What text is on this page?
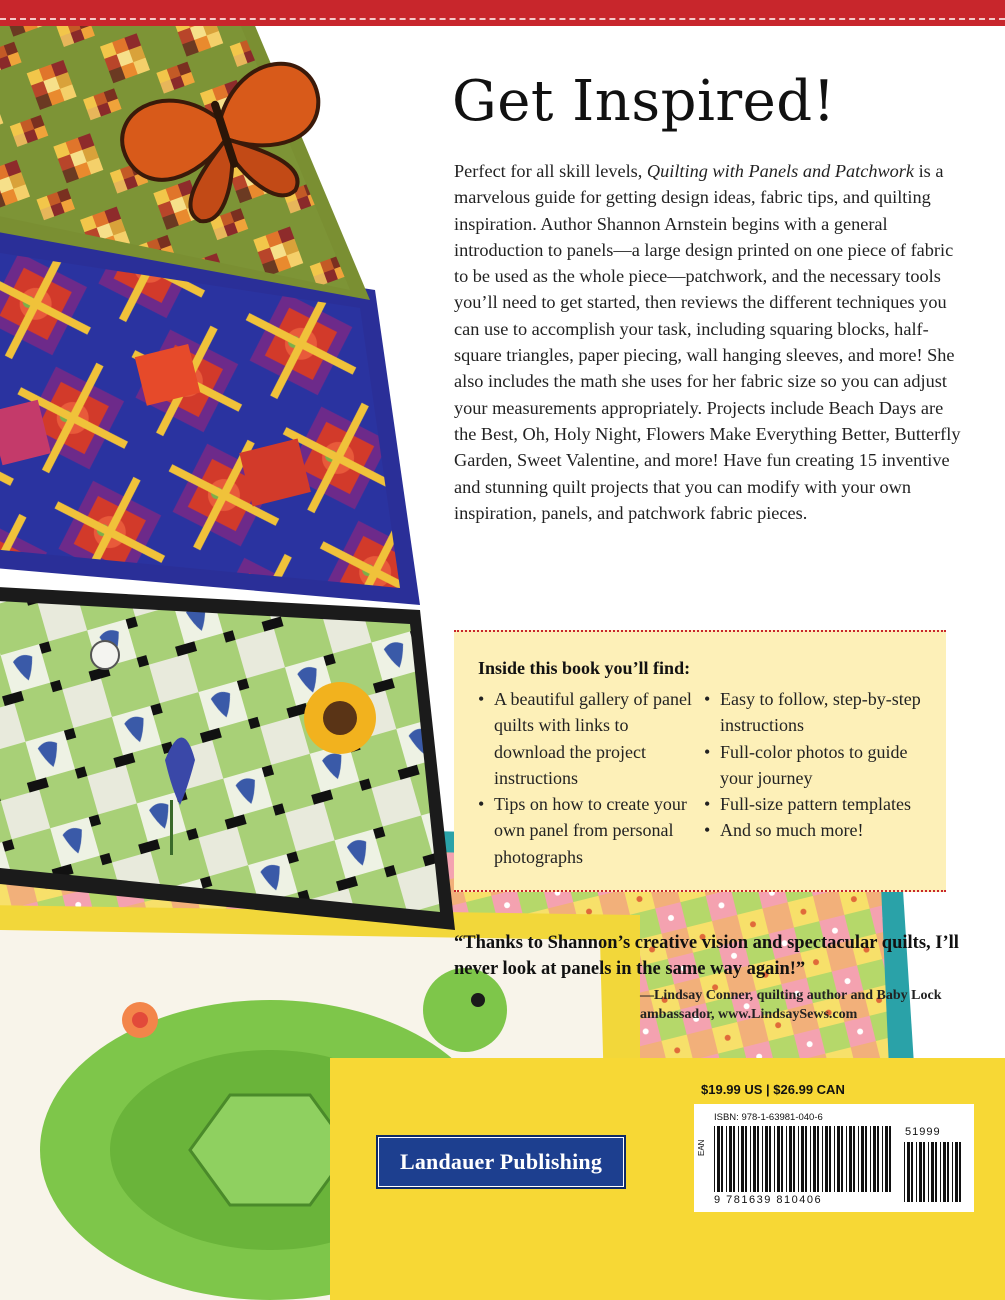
Get Inspired!

Perfect for all skill levels, Quilting with Panels and Patchwork is a marvelous guide for getting design ideas, fabric tips, and quilting inspiration. Author Shannon Arnstein begins with a general introduction to panels—a large design printed on one piece of fabric to be used as the whole piece—patchwork, and the necessary tools you’ll need to get started, then reviews the different techniques you can use to accomplish your task, including squaring blocks, half-square triangles, paper piecing, wall hanging sleeves, and more! She also includes the math she uses for her fabric size so you can adjust your measurements appropriately. Projects include Beach Days are the Best, Oh, Holy Night, Flowers Make Everything Better, Butterfly Garden, Sweet Valentine, and more! Have fun creating 15 inventive and stunning quilt projects that you can modify with your own inspiration, panels, and patchwork fabric pieces.

Inside this book you’ll find:
• A beautiful gallery of panel quilts with links to download the project instructions
• Tips on how to create your own panel from personal photographs
• Easy to follow, step-by-step instructions
• Full-color photos to guide your journey
• Full-size pattern templates
• And so much more!

“Thanks to Shannon’s creative vision and spectacular quilts, I’ll never look at panels in the same way again!”

—Lindsay Conner, quilting author and Baby Lock ambassador, www.LindsaySews.com

$19.99 US | $26.99 CAN

ISBN: 978-1-63981-040-6

EAN

51999

9 781639 810406

Landauer Publishing
